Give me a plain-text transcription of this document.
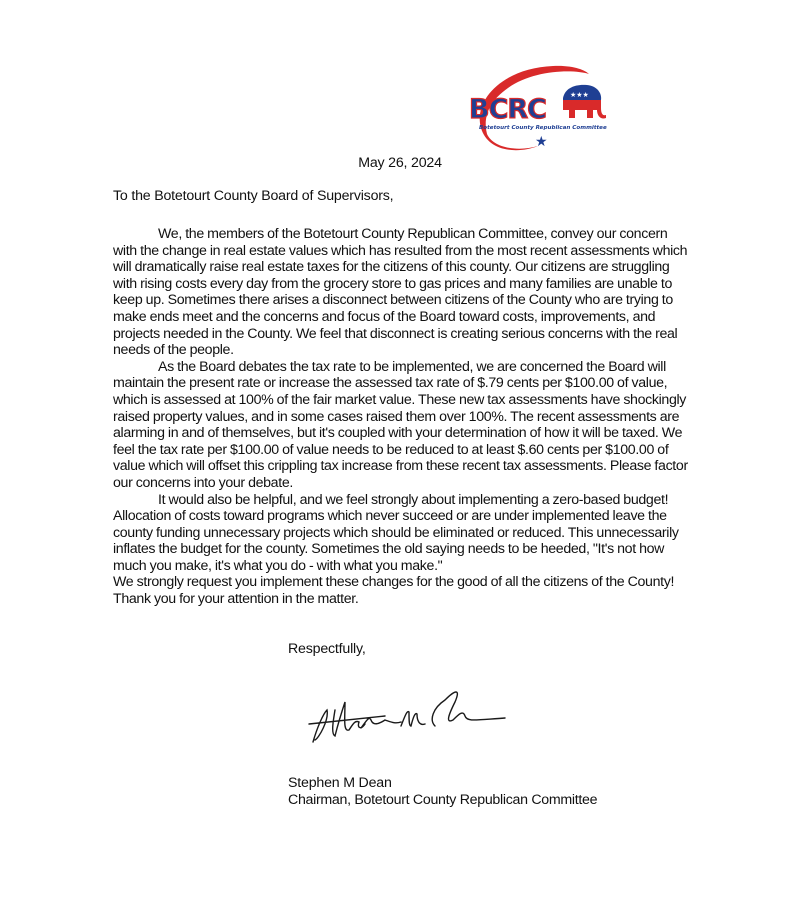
BCRC	★★★
Botetourt County Republican Committee
★
May 26, 2024
To the Botetourt County Board of Supervisors,

We, the members of the Botetourt County Republican Committee, convey our concern with the change in real estate values which has resulted from the most recent assessments which will dramatically raise real estate taxes for the citizens of this county. Our citizens are struggling with rising costs every day from the grocery store to gas prices and many families are unable to keep up. Sometimes there arises a disconnect between citizens of the County who are trying to make ends meet and the concerns and focus of the Board toward costs, improvements, and projects needed in the County. We feel that disconnect is creating serious concerns with the real needs of the people.

As the Board debates the tax rate to be implemented, we are concerned the Board will maintain the present rate or increase the assessed tax rate of $.79 cents per $100.00 of value, which is assessed at 100% of the fair market value. These new tax assessments have shockingly raised property values, and in some cases raised them over 100%. The recent assessments are alarming in and of themselves, but it's coupled with your determination of how it will be taxed. We feel the tax rate per $100.00 of value needs to be reduced to at least $.60 cents per $100.00 of value which will offset this crippling tax increase from these recent tax assessments. Please factor our concerns into your debate.

It would also be helpful, and we feel strongly about implementing a zero-based budget! Allocation of costs toward programs which never succeed or are under implemented leave the county funding unnecessary projects which should be eliminated or reduced. This unnecessarily inflates the budget for the county. Sometimes the old saying needs to be heeded, "It's not how much you make, it's what you do - with what you make."

We strongly request you implement these changes for the good of all the citizens of the County!

Thank you for your attention in the matter.

Respectfully,
Stephen M Dean
Chairman, Botetourt County Republican Committee
